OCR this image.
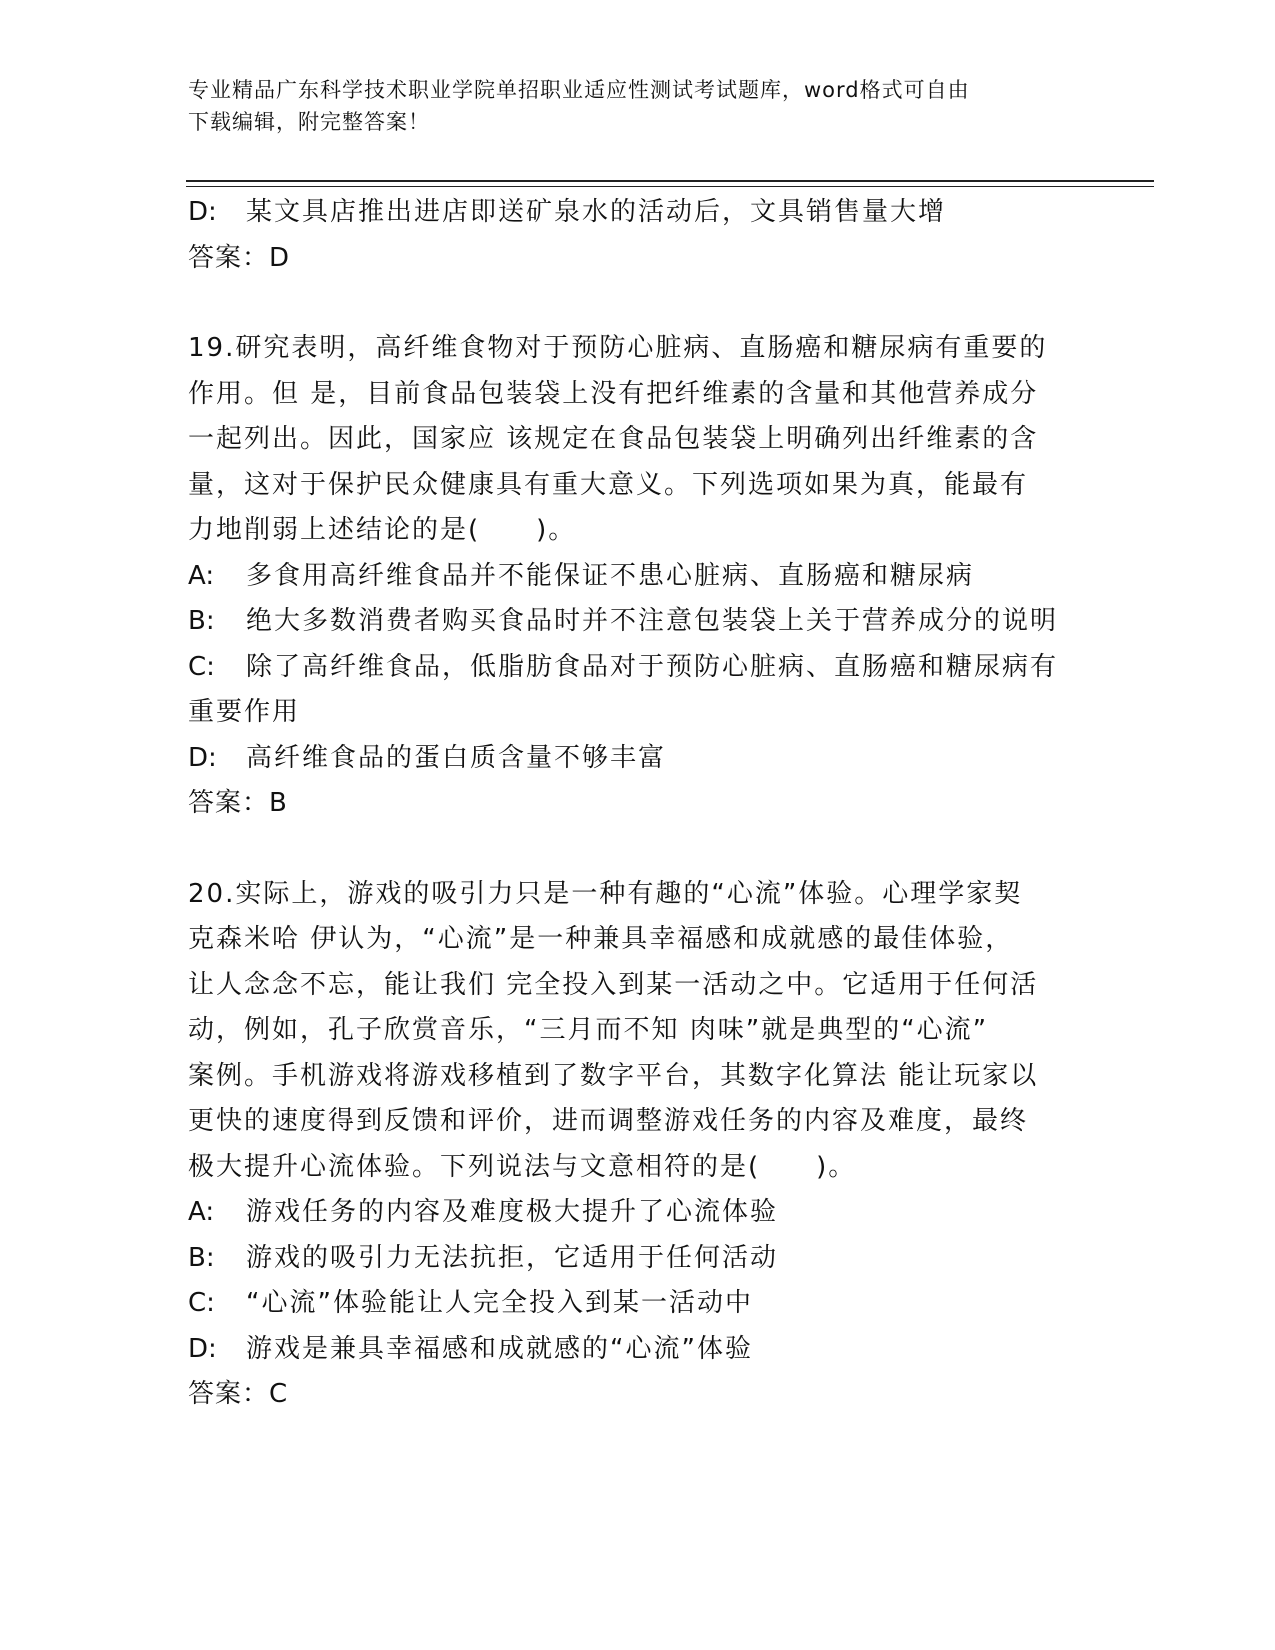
专业精品广东科学技术职业学院单招职业适应性测试考试题库，word格式可自由
下载编辑，附完整答案！
D: 某文具店推出进店即送矿泉水的活动后，文具销售量大增
答案：D
19.研究表明，高纤维食物对于预防心脏病、直肠癌和糖尿病有重要的
作用。但 是，目前食品包装袋上没有把纤维素的含量和其他营养成分
一起列出。因此，国家应 该规定在食品包装袋上明确列出纤维素的含
量，这对于保护民众健康具有重大意义。下列选项如果为真，能最有
力地削弱上述结论的是(　　)。
A: 多食用高纤维食品并不能保证不患心脏病、直肠癌和糖尿病
B: 绝大多数消费者购买食品时并不注意包装袋上关于营养成分的说明
C: 除了高纤维食品，低脂肪食品对于预防心脏病、直肠癌和糖尿病有重要作用
D: 高纤维食品的蛋白质含量不够丰富
答案：B
20.实际上，游戏的吸引力只是一种有趣的“心流”体验。心理学家契
克森米哈 伊认为，“心流”是一种兼具幸福感和成就感的最佳体验，
让人念念不忘，能让我们 完全投入到某一活动之中。它适用于任何活
动，例如，孔子欣赏音乐，“三月而不知 肉味”就是典型的“心流”
案例。手机游戏将游戏移植到了数字平台，其数字化算法 能让玩家以
更快的速度得到反馈和评价，进而调整游戏任务的内容及难度，最终
极大提升心流体验。下列说法与文意相符的是(　　)。
A: 游戏任务的内容及难度极大提升了心流体验
B: 游戏的吸引力无法抗拒，它适用于任何活动
C: “心流”体验能让人完全投入到某一活动中
D: 游戏是兼具幸福感和成就感的“心流”体验
答案：C
